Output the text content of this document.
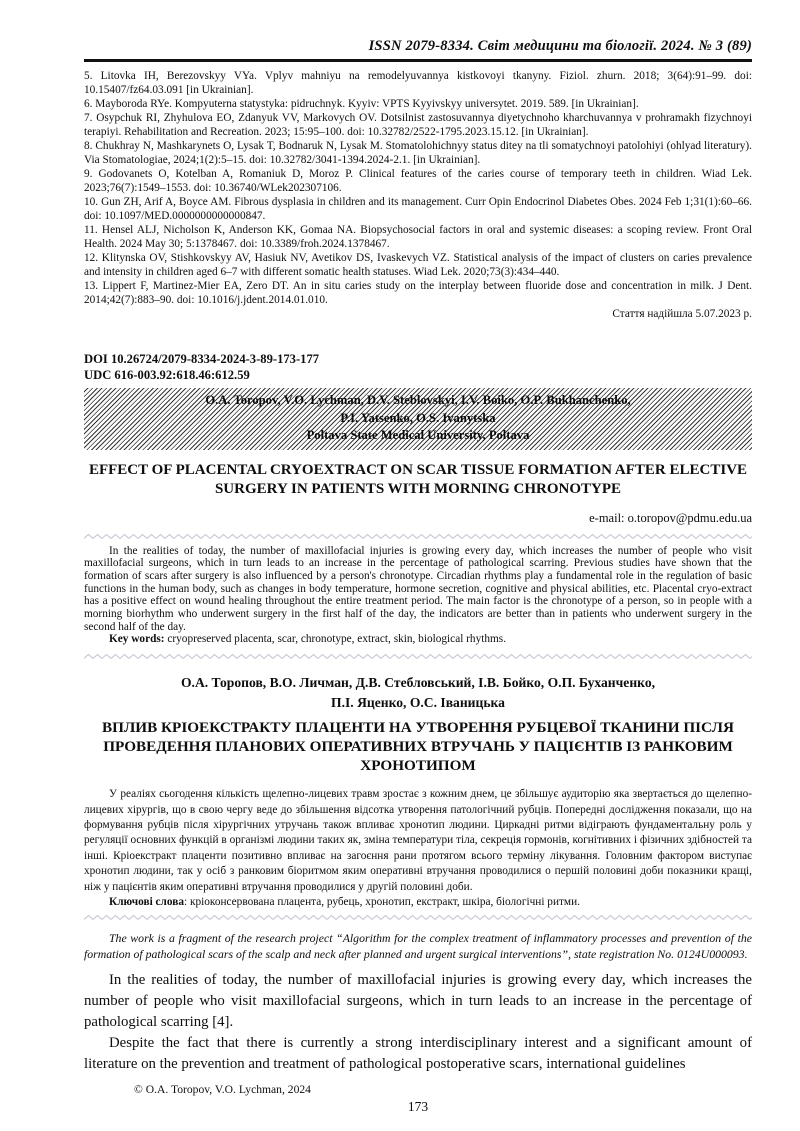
ISSN 2079-8334. Світ медицини та біології. 2024. № 3 (89)

5. Litovka IH, Berezovskyy VYa. Vplyv mahniyu na remodelyuvannya kistkovoyi tkanyny. Fiziol. zhurn. 2018; 3(64):91–99. doi: 10.15407/fz64.03.091 [in Ukrainian].

6. Mayboroda RYe. Kompyuterna statystyka: pidruchnyk. Kyyiv: VPTS Kyyivskyy universytet. 2019. 589. [in Ukrainian].

7. Osypchuk RI, Zhyhulova EO, Zdanyuk VV, Markovych OV. Dotsilnist zastosuvannya diyetychnoho kharchuvannya v prohramakh fizychnoyi terapiyi. Rehabilitation and Recreation. 2023; 15:95–100. doi: 10.32782/2522-1795.2023.15.12. [in Ukrainian].

8. Chukhray N, Mashkarynets O, Lysak T, Bodnaruk N, Lysak M. Stomatolohichnyy status ditey na tli somatychnoyi patolohiyi (ohlyad literatury). Via Stomatologiae, 2024;1(2):5–15. doi: 10.32782/3041-1394.2024-2.1. [in Ukrainian].

9. Godovanets O, Kotelban A, Romaniuk D, Moroz P. Clinical features of the caries course of temporary teeth in children. Wiad Lek. 2023;76(7):1549–1553. doi: 10.36740/WLek202307106.

10. Gun ZH, Arif A, Boyce AM. Fibrous dysplasia in children and its management. Curr Opin Endocrinol Diabetes Obes. 2024 Feb 1;31(1):60–66. doi: 10.1097/MED.0000000000000847.

11. Hensel ALJ, Nicholson K, Anderson KK, Gomaa NA. Biopsychosocial factors in oral and systemic diseases: a scoping review. Front Oral Health. 2024 May 30; 5:1378467. doi: 10.3389/froh.2024.1378467.

12. Klitynska OV, Stishkovskyy AV, Hasiuk NV, Avetikov DS, Ivaskevych VZ. Statistical analysis of the impact of clusters on caries prevalence and intensity in children aged 6–7 with different somatic health statuses. Wiad Lek. 2020;73(3):434–440.

13. Lippert F, Martinez-Mier EA, Zero DT. An in situ caries study on the interplay between fluoride dose and concentration in milk. J Dent. 2014;42(7):883–90. doi: 10.1016/j.jdent.2014.01.010.

Стаття надійшла 5.07.2023 р.

DOI 10.26724/2079-8334-2024-3-89-173-177
UDC 616-003.92:618.46:612.59
O.A. Toropov, V.O. Lychman, D.V. Steblovskyi, I.V. Boiko, O.P. Bukhanchenko,
P.I. Yatsenko, O.S. Ivanytska
Poltava State Medical University, Poltava
EFFECT OF PLACENTAL CRYOEXTRACT ON SCAR TISSUE FORMATION AFTER ELECTIVE SURGERY IN PATIENTS WITH MORNING CHRONOTYPE

e-mail: o.toropov@pdmu.edu.ua

In the realities of today, the number of maxillofacial injuries is growing every day, which increases the number of people who visit maxillofacial surgeons, which in turn leads to an increase in the percentage of pathological scarring. Previous studies have shown that the formation of scars after surgery is also influenced by a person's chronotype. Circadian rhythms play a fundamental role in the regulation of basic functions in the human body, such as changes in body temperature, hormone secretion, cognitive and physical abilities, etc. Placental cryo-extract has a positive effect on wound healing throughout the entire treatment period. The main factor is the chronotype of a person, so in people with a morning biorhythm who underwent surgery in the first half of the day, the indicators are better than in patients who underwent surgery in the second half of the day.

Key words: cryopreserved placenta, scar, chronotype, extract, skin, biological rhythms.

О.А. Торопов, В.О. Личман, Д.В. Стебловський, І.В. Бойко, О.П. Буханченко,
П.І. Яценко, О.С. Іваницька
ВПЛИВ КРІОЕКСТРАКТУ ПЛАЦЕНТИ НА УТВОРЕННЯ РУБЦЕВОЇ ТКАНИНИ ПІСЛЯ ПРОВЕДЕННЯ ПЛАНОВИХ ОПЕРАТИВНИХ ВТРУЧАНЬ У ПАЦІЄНТІВ ІЗ РАНКОВИМ ХРОНОТИПОМ

У реаліях сьогодення кількість щелепно-лицевих травм зростає з кожним днем, це збільшує аудиторію яка звертається до щелепно-лицевих хірургів, що в свою чергу веде до збільшення відсотка утворення патологічний рубців. Попередні дослідження показали, що на формування рубців після хірургічних утручань також впливає хронотип людини. Циркадні ритми відіграють фундаментальну роль у регуляції основних функцій в організмі людини таких як, зміна температури тіла, секреція гормонів, когнітивних і фізичних здібностей та інші. Кріоекстракт плаценти позитивно впливає на загоєння рани протягом всього терміну лікування. Головним фактором виступає хронотип людини, так у осіб з ранковим біоритмом яким оперативні втручання проводилися о першій половині доби показники кращі, ніж у пацієнтів яким оперативні втручання проводилися у другій половині доби.

Ключові слова: кріоконсервована плацента, рубець, хронотип, екстракт, шкіра, біологічні ритми.

The work is a fragment of the research project “Algorithm for the complex treatment of inflammatory processes and prevention of the formation of pathological scars of the scalp and neck after planned and urgent surgical interventions”, state registration No. 0124U000093.

In the realities of today, the number of maxillofacial injuries is growing every day, which increases the number of people who visit maxillofacial surgeons, which in turn leads to an increase in the percentage of pathological scarring [4].

Despite the fact that there is currently a strong interdisciplinary interest and a significant amount of literature on the prevention and treatment of pathological postoperative scars, international guidelines

© O.A. Toropov, V.O. Lychman, 2024

173
